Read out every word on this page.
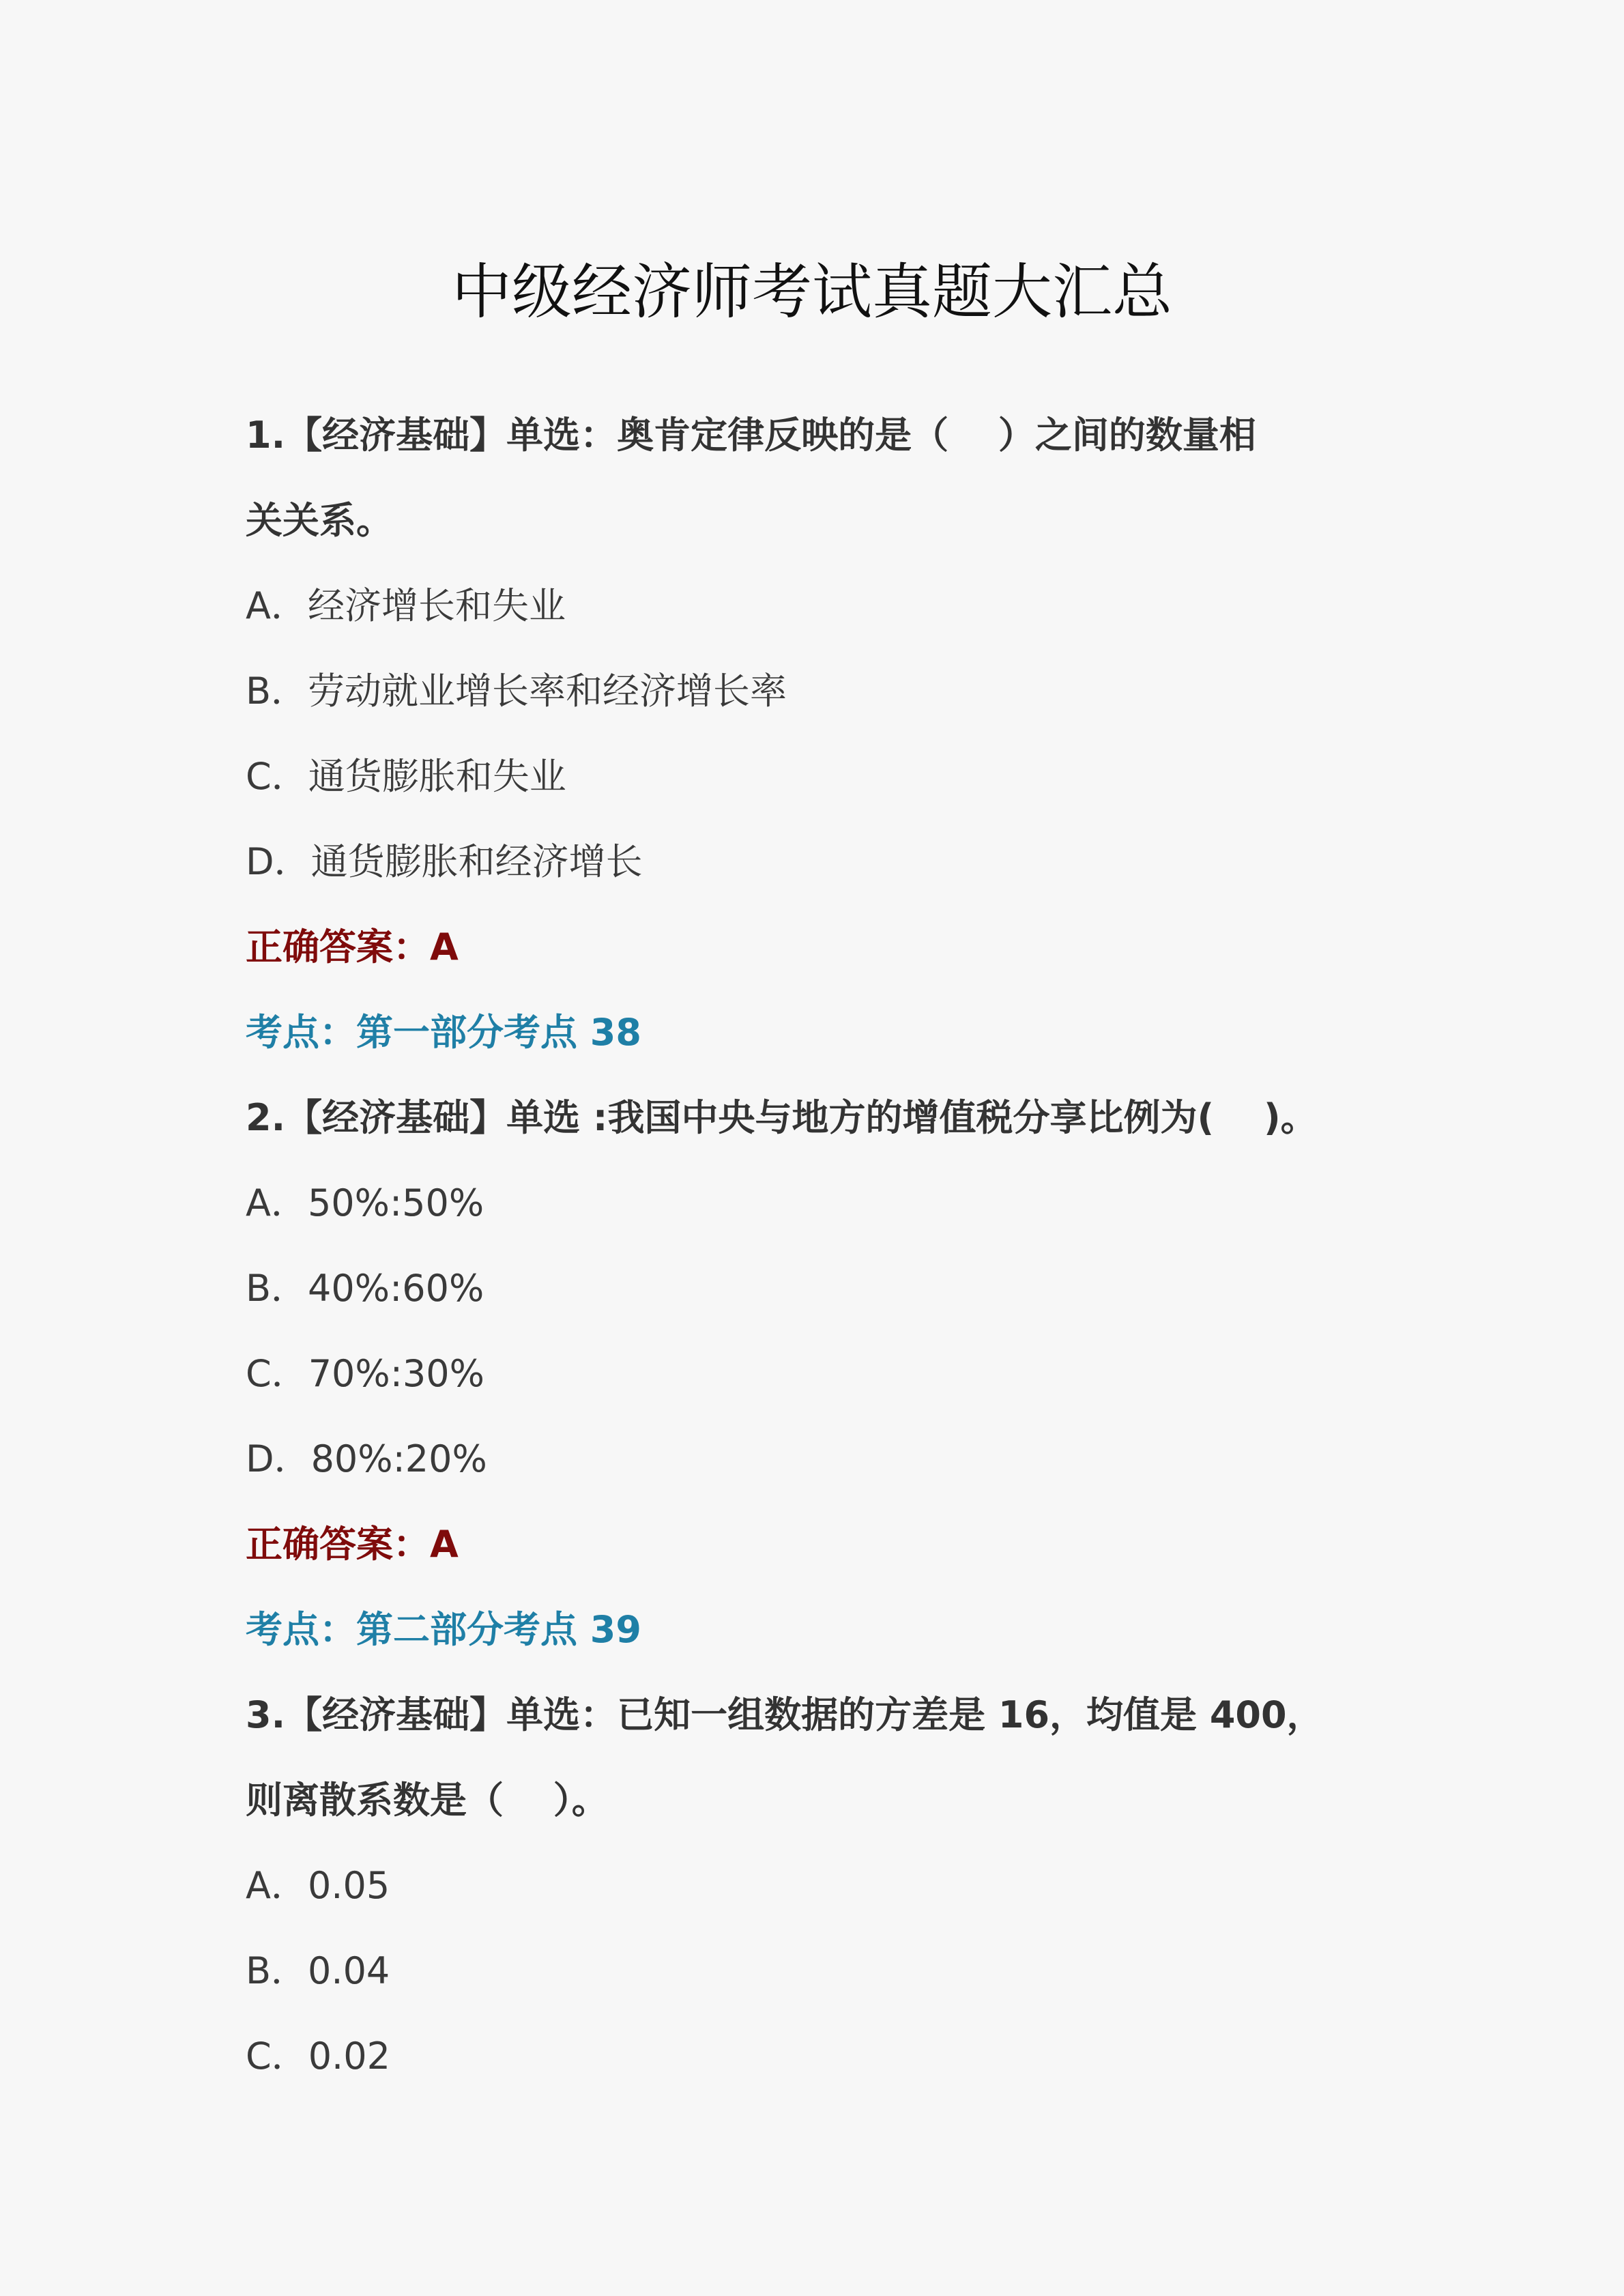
中级经济师考试真题大汇总
1.【经济基础】单选：奥肯定律反映的是（　 ）之间的数量相
关关系。
A．经济增长和失业
B．劳动就业增长率和经济增长率
C．通货膨胀和失业
D．通货膨胀和经济增长
正确答案：A
考点：第一部分考点 38
2.【经济基础】单选 :我国中央与地方的增值税分享比例为(　 )。
A．50%:50%
B．40%:60%
C．70%:30%
D．80%:20%
正确答案：A
考点：第二部分考点 39
3.【经济基础】单选：已知一组数据的方差是 16，均值是 400，
则离散系数是（　 ）。
A．0.05
B．0.04
C．0.02
